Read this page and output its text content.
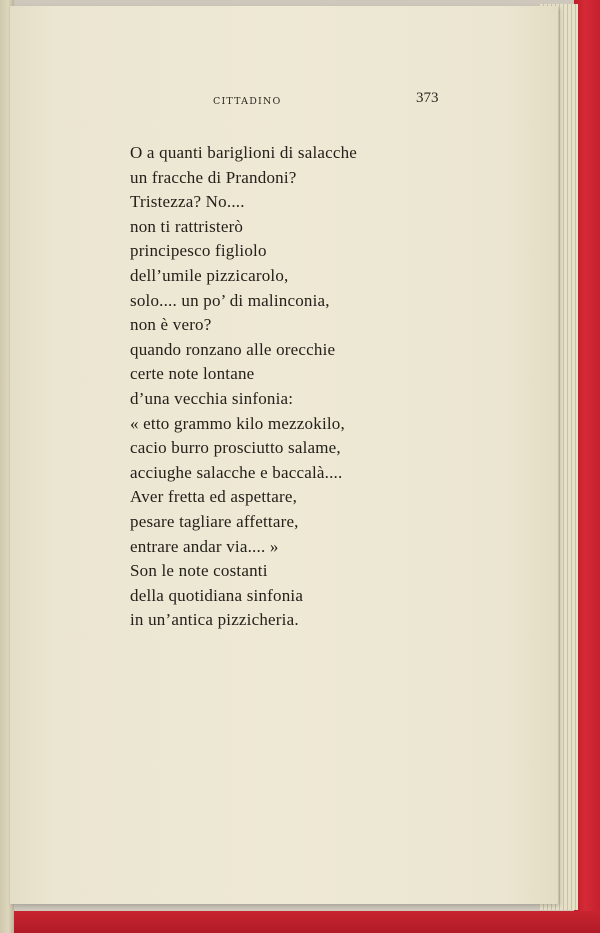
CITTADINO	373
O a quanti bariglioni di salacche
un fracche di Prandoni?
Tristezza? No....
non ti rattristerò
principesco figliolo
dell’umile pizzicarolo,
solo.... un po’ di malinconia,
non è vero?
quando ronzano alle orecchie
certe note lontane
d’una vecchia sinfonia:
« etto grammo kilo mezzokilo,
cacio burro prosciutto salame,
acciughe salacche e baccalà....
Aver fretta ed aspettare,
pesare tagliare affettare,
entrare andar via.... »
Son le note costanti
della quotidiana sinfonia
in un’antica pizzicheria.
